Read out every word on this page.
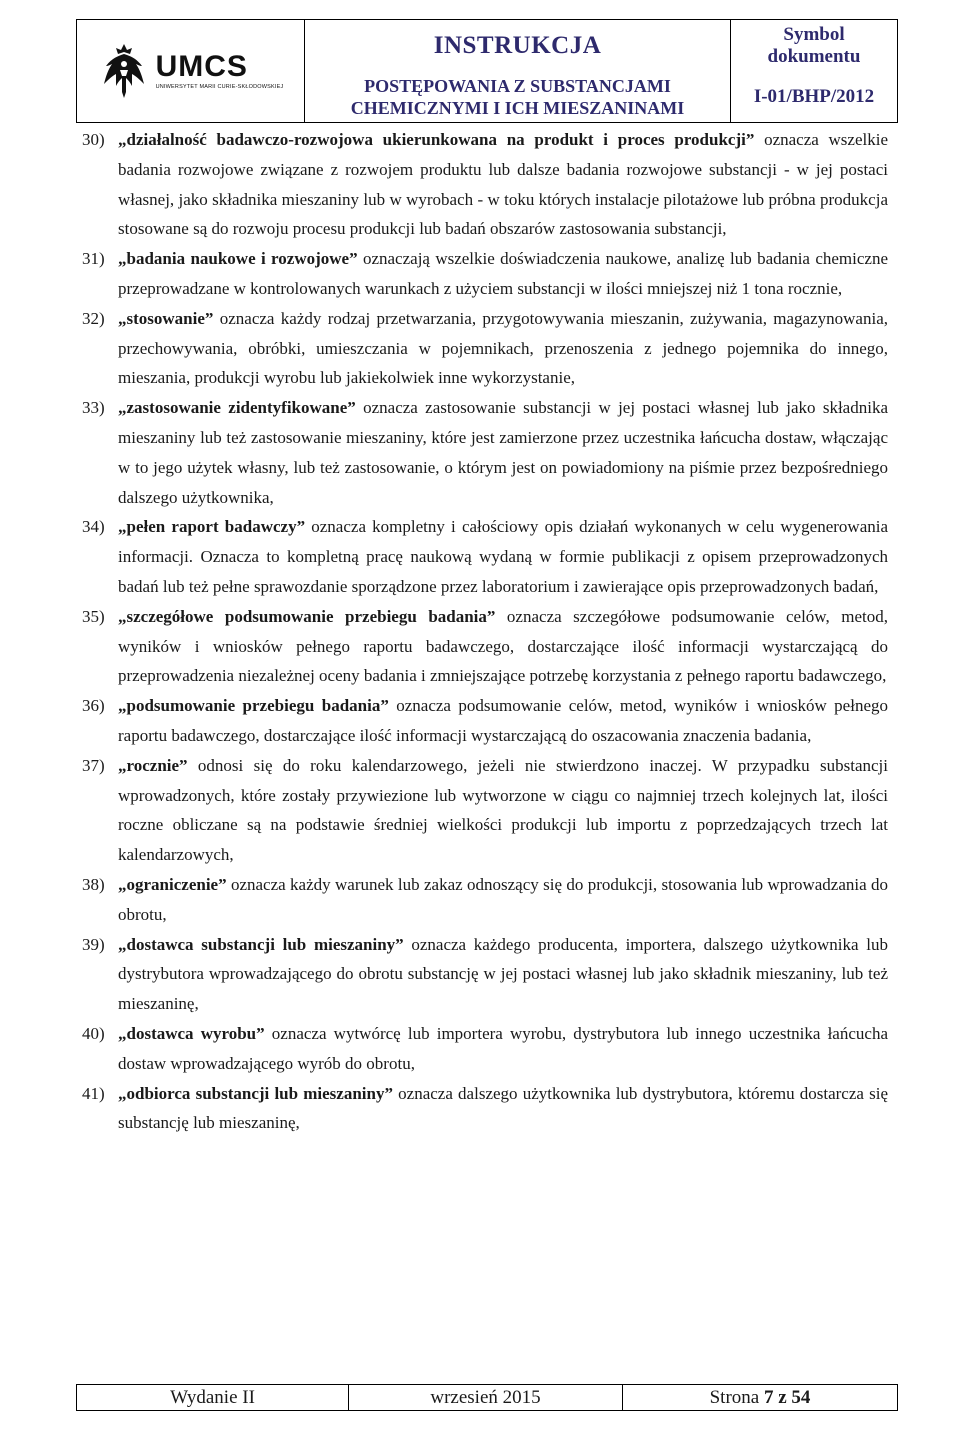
UMCS
UNIWERSYTET MARII CURIE-SKŁODOWSKIEJ
INSTRUKCJA
POSTĘPOWANIA Z SUBSTANCJAMI
CHEMICZNYMI I ICH MIESZANINAMI
Symbol
dokumentu
I-01/BHP/2012
30) „działalność badawczo-rozwojowa ukierunkowana na produkt i proces produkcji” oznacza wszelkie badania rozwojowe związane z rozwojem produktu lub dalsze badania rozwojowe substancji - w jej postaci własnej, jako składnika mieszaniny lub w wyrobach - w toku których instalacje pilotażowe lub próbna produkcja stosowane są do rozwoju procesu produkcji lub badań obszarów zastosowania substancji,
31) „badania naukowe i rozwojowe” oznaczają wszelkie doświadczenia naukowe, analizę lub badania chemiczne przeprowadzane w kontrolowanych warunkach z użyciem substancji w ilości mniejszej niż 1 tona rocznie,
32) „stosowanie” oznacza każdy rodzaj przetwarzania, przygotowywania mieszanin, zużywania, magazynowania, przechowywania, obróbki, umieszczania w pojemnikach, przenoszenia z jednego pojemnika do innego, mieszania, produkcji wyrobu lub jakiekolwiek inne wykorzystanie,
33) „zastosowanie zidentyfikowane” oznacza zastosowanie substancji w jej postaci własnej lub jako składnika mieszaniny lub też zastosowanie mieszaniny, które jest zamierzone przez uczestnika łańcucha dostaw, włączając w to jego użytek własny, lub też zastosowanie, o którym jest on powiadomiony na piśmie przez bezpośredniego dalszego użytkownika,
34) „pełen raport badawczy” oznacza kompletny i całościowy opis działań wykonanych w celu wygenerowania informacji. Oznacza to kompletną pracę naukową wydaną w formie publikacji z opisem przeprowadzonych badań lub też pełne sprawozdanie sporządzone przez laboratorium i zawierające opis przeprowadzonych badań,
35) „szczegółowe podsumowanie przebiegu badania” oznacza szczegółowe podsumowanie celów, metod, wyników i wniosków pełnego raportu badawczego, dostarczające ilość informacji wystarczającą do przeprowadzenia niezależnej oceny badania i zmniejszające potrzebę korzystania z pełnego raportu badawczego,
36) „podsumowanie przebiegu badania” oznacza podsumowanie celów, metod, wyników i wniosków pełnego raportu badawczego, dostarczające ilość informacji wystarczającą do oszacowania znaczenia badania,
37) „rocznie” odnosi się do roku kalendarzowego, jeżeli nie stwierdzono inaczej. W przypadku substancji wprowadzonych, które zostały przywiezione lub wytworzone w ciągu co najmniej trzech kolejnych lat, ilości roczne obliczane są na podstawie średniej wielkości produkcji lub importu z poprzedzających trzech lat kalendarzowych,
38) „ograniczenie” oznacza każdy warunek lub zakaz odnoszący się do produkcji, stosowania lub wprowadzania do obrotu,
39) „dostawca substancji lub mieszaniny” oznacza każdego producenta, importera, dalszego użytkownika lub dystrybutora wprowadzającego do obrotu substancję w jej postaci własnej lub jako składnik mieszaniny, lub też mieszaninę,
40) „dostawca wyrobu” oznacza wytwórcę lub importera wyrobu, dystrybutora lub innego uczestnika łańcucha dostaw wprowadzającego wyrób do obrotu,
41) „odbiorca substancji lub mieszaniny” oznacza dalszego użytkownika lub dystrybutora, któremu dostarcza się substancję lub mieszaninę,
Wydanie II	wrzesień 2015	Strona
7
z
54
